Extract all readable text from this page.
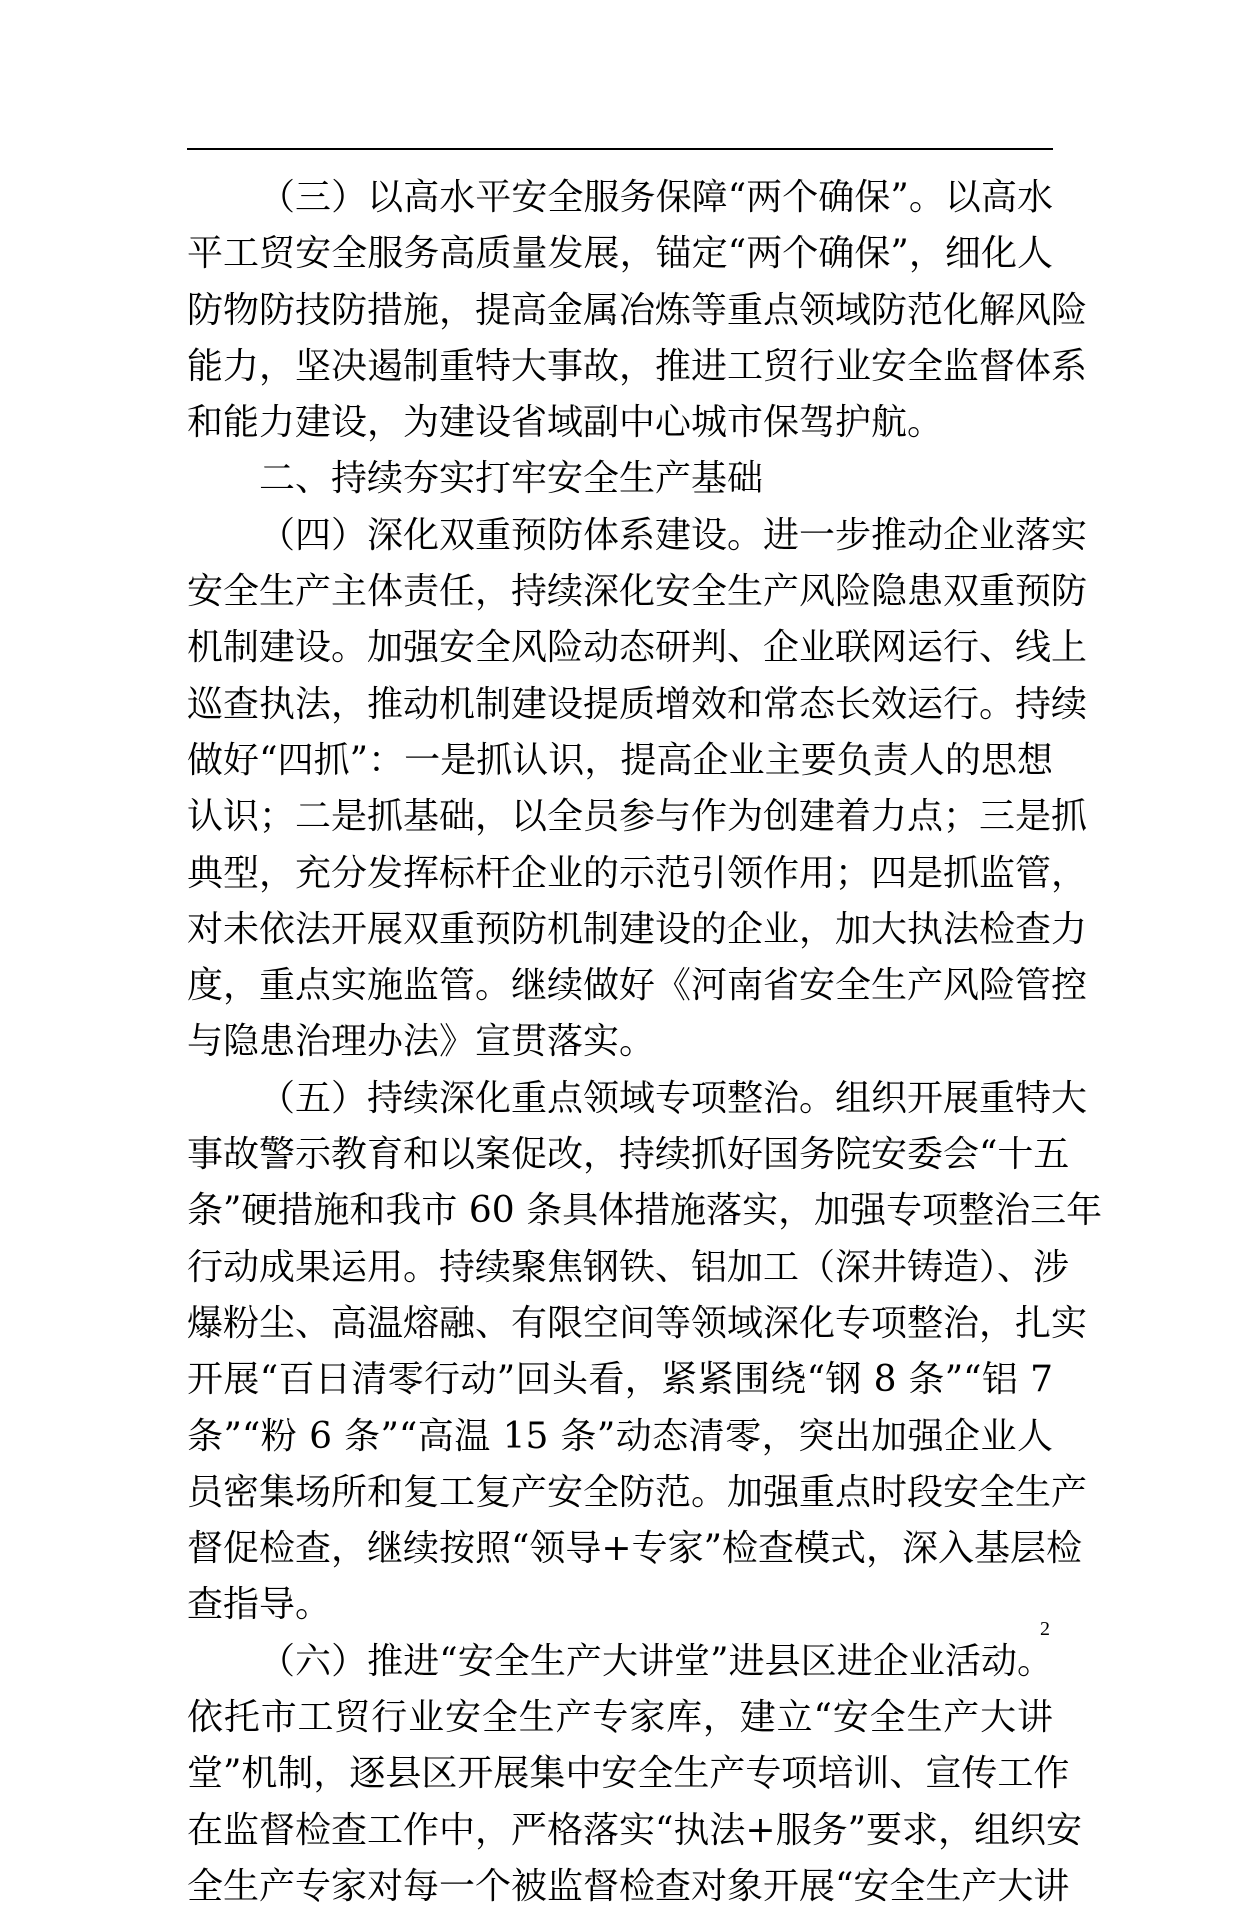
（三）以高水平安全服务保障“两个确保”。以高水
平工贸安全服务高质量发展，锚定“两个确保”，细化人
防物防技防措施，提高金属冶炼等重点领域防范化解风险
能力，坚决遏制重特大事故，推进工贸行业安全监督体系
和能力建设，为建设省域副中心城市保驾护航。
二、持续夯实打牢安全生产基础
（四）深化双重预防体系建设。进一步推动企业落实
安全生产主体责任，持续深化安全生产风险隐患双重预防
机制建设。加强安全风险动态研判、企业联网运行、线上
巡查执法，推动机制建设提质增效和常态长效运行。持续
做好“四抓”：一是抓认识，提高企业主要负责人的思想
认识；二是抓基础，以全员参与作为创建着力点；三是抓
典型，充分发挥标杆企业的示范引领作用；四是抓监管，
对未依法开展双重预防机制建设的企业，加大执法检查力
度，重点实施监管。继续做好《河南省安全生产风险管控
与隐患治理办法》宣贯落实。
（五）持续深化重点领域专项整治。组织开展重特大
事故警示教育和以案促改，持续抓好国务院安委会“十五
条”硬措施和我市 60 条具体措施落实，加强专项整治三年
行动成果运用。持续聚焦钢铁、铝加工（深井铸造）、涉
爆粉尘、高温熔融、有限空间等领域深化专项整治，扎实
开展“百日清零行动”回头看，紧紧围绕“钢 8 条”“铝 7
条”“粉 6 条”“高温 15 条”动态清零，突出加强企业人
员密集场所和复工复产安全防范。加强重点时段安全生产
督促检查，继续按照“领导+专家”检查模式，深入基层检
查指导。
（六）推进“安全生产大讲堂”进县区进企业活动。
依托市工贸行业安全生产专家库，建立“安全生产大讲
堂”机制，逐县区开展集中安全生产专项培训、宣传工作
在监督检查工作中，严格落实“执法+服务”要求，组织安
全生产专家对每一个被监督检查对象开展“安全生产大讲
2
